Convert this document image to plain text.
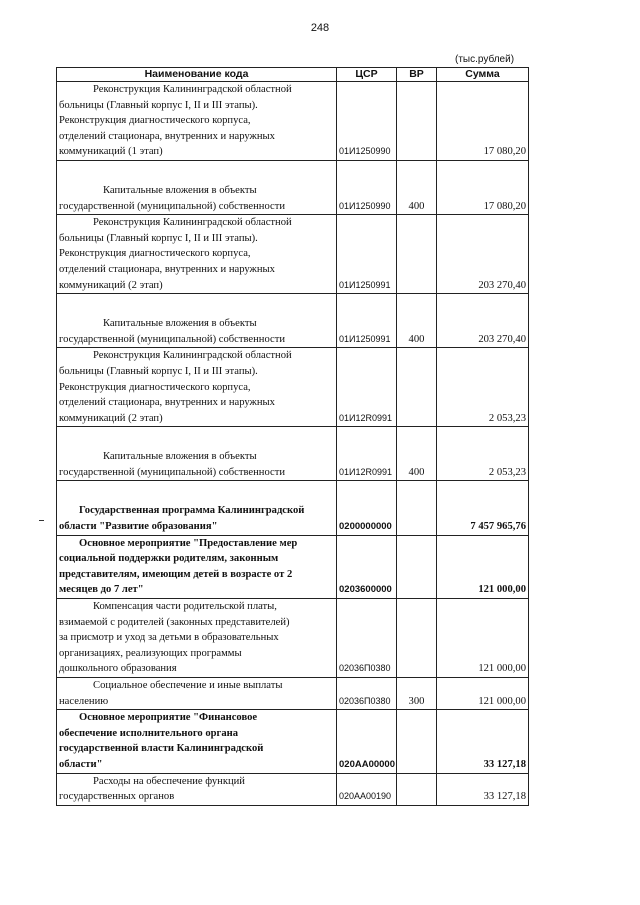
248
(тыс.рублей)
Наименование кода	ЦСР	ВР	Сумма

Реконструкция Калининградской областной
больницы (Главный корпус I, II и III этапы).
Реконструкция диагностического корпуса,
отделений стационара, внутренних и наружных
коммуникаций (1 этап)	01И1250990		17 080,20

Капитальные вложения в объекты
государственной (муниципальной) собственности	01И1250990	400	17 080,20

Реконструкция Калининградской областной
больницы (Главный корпус I, II и III этапы).
Реконструкция диагностического корпуса,
отделений стационара, внутренних и наружных
коммуникаций (2 этап)	01И1250991		203 270,40

Капитальные вложения в объекты
государственной (муниципальной) собственности	01И1250991	400	203 270,40

Реконструкция Калининградской областной
больницы (Главный корпус I, II и III этапы).
Реконструкция диагностического корпуса,
отделений стационара, внутренних и наружных
коммуникаций (2 этап)	01И12R0991		2 053,23

Капитальные вложения в объекты
государственной (муниципальной) собственности	01И12R0991	400	2 053,23

Государственная программа Калининградской
области "Развитие образования"	0200000000		7 457 965,76

Основное мероприятие "Предоставление мер
социальной поддержки родителям, законным
представителям, имеющим детей в возрасте от 2
месяцев до 7 лет"	0203600000		121 000,00

Компенсация части родительской платы,
взимаемой с родителей (законных представителей)
за присмотр и уход за детьми в образовательных
организациях, реализующих программы
дошкольного образования	02036П0380		121 000,00

Социальное обеспечение и иные выплаты
населению	02036П0380	300	121 000,00

Основное мероприятие "Финансовое
обеспечение исполнительного органа
государственной власти Калининградской
области"	020АА00000		33 127,18

Расходы на обеспечение функций
государственных органов	020АА00190		33 127,18
